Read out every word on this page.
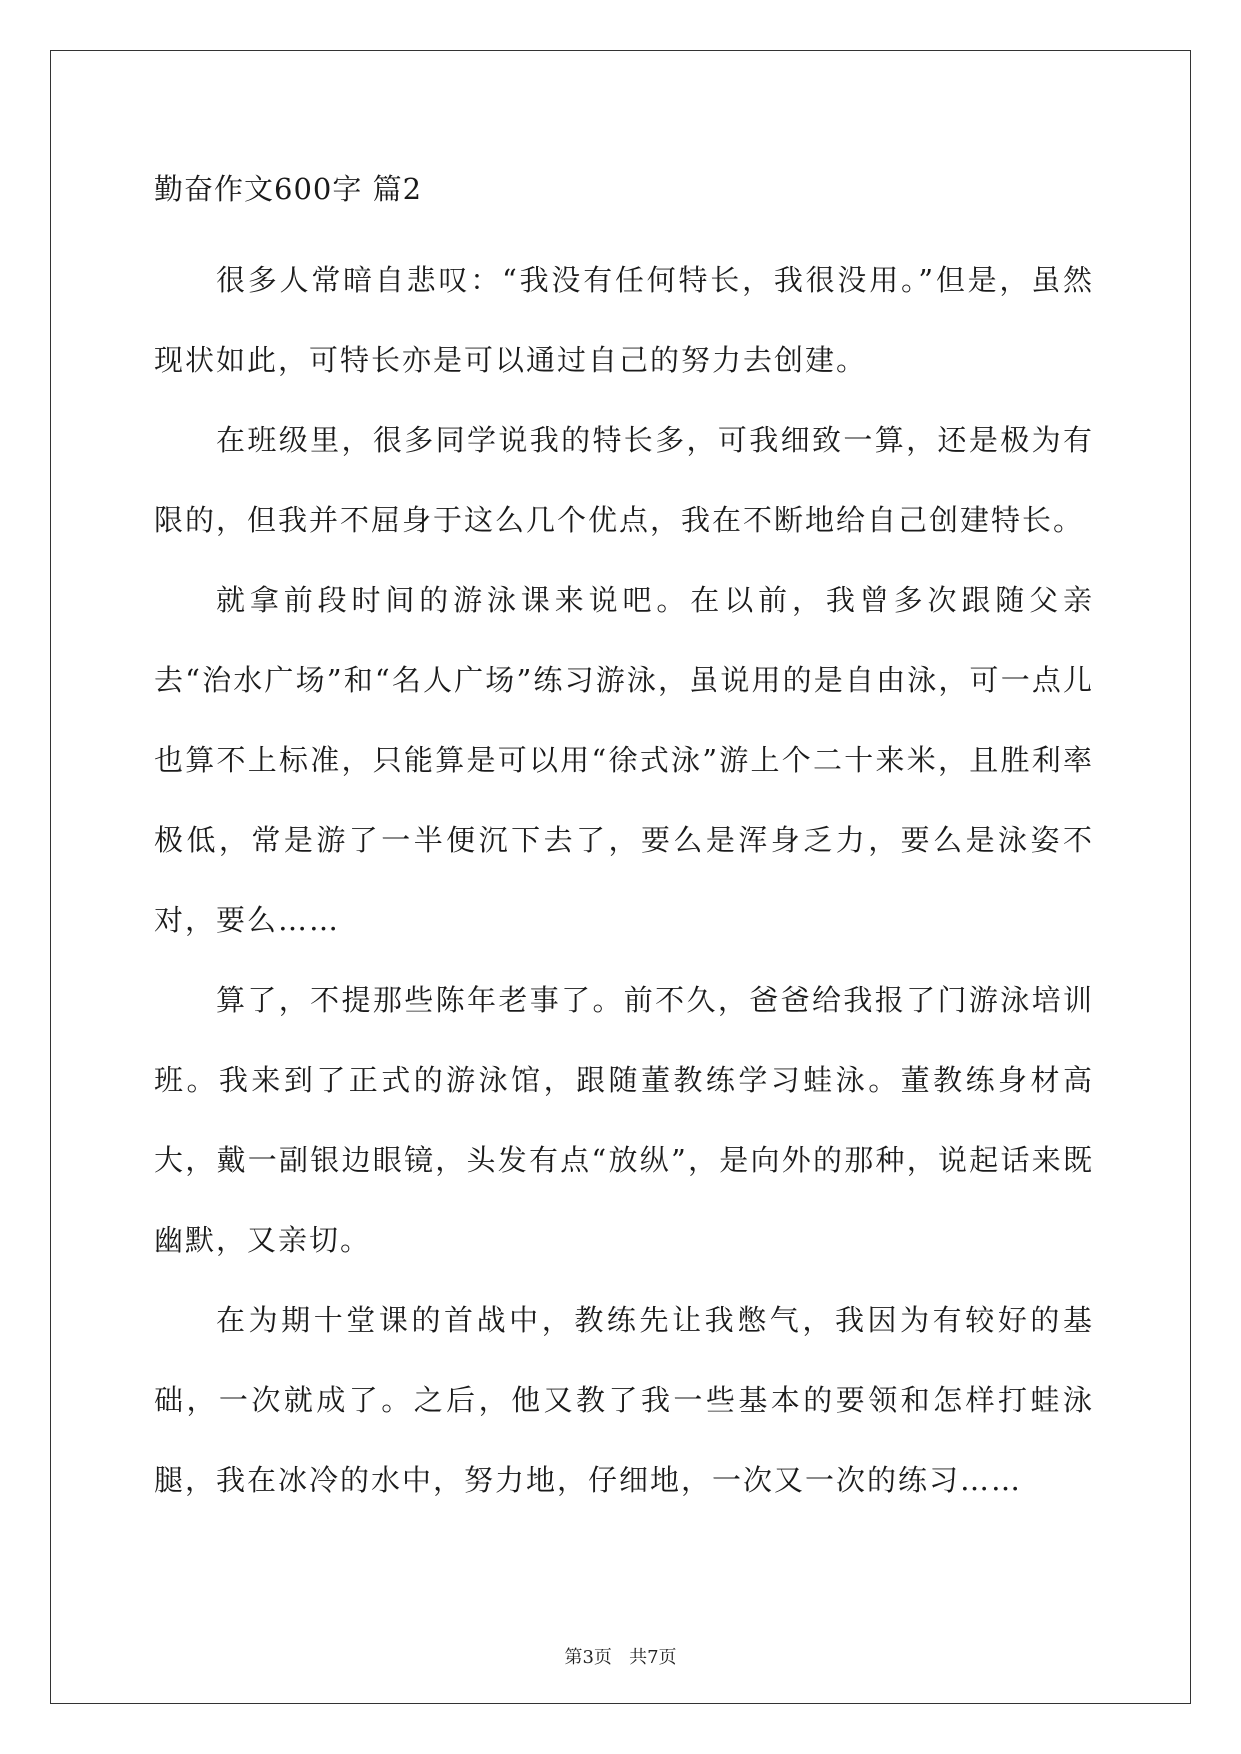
勤奋作文600字 篇2

很多人常暗自悲叹：“我没有任何特长，我很没用。”但是，虽然现状如此，可特长亦是可以通过自己的努力去创建。

在班级里，很多同学说我的特长多，可我细致一算，还是极为有限的，但我并不屈身于这么几个优点，我在不断地给自己创建特长。

就拿前段时间的游泳课来说吧。在以前，我曾多次跟随父亲去“治水广场”和“名人广场”练习游泳，虽说用的是自由泳，可一点儿也算不上标准，只能算是可以用“徐式泳”游上个二十来米，且胜利率极低，常是游了一半便沉下去了，要么是浑身乏力，要么是泳姿不对，要么……

算了，不提那些陈年老事了。前不久，爸爸给我报了门游泳培训班。我来到了正式的游泳馆，跟随董教练学习蛙泳。董教练身材高大，戴一副银边眼镜，头发有点“放纵”，是向外的那种，说起话来既幽默，又亲切。

在为期十堂课的首战中，教练先让我憋气，我因为有较好的基础，一次就成了。之后，他又教了我一些基本的要领和怎样打蛙泳腿，我在冰冷的水中，努力地，仔细地，一次又一次的练习……

第3页 共7页
